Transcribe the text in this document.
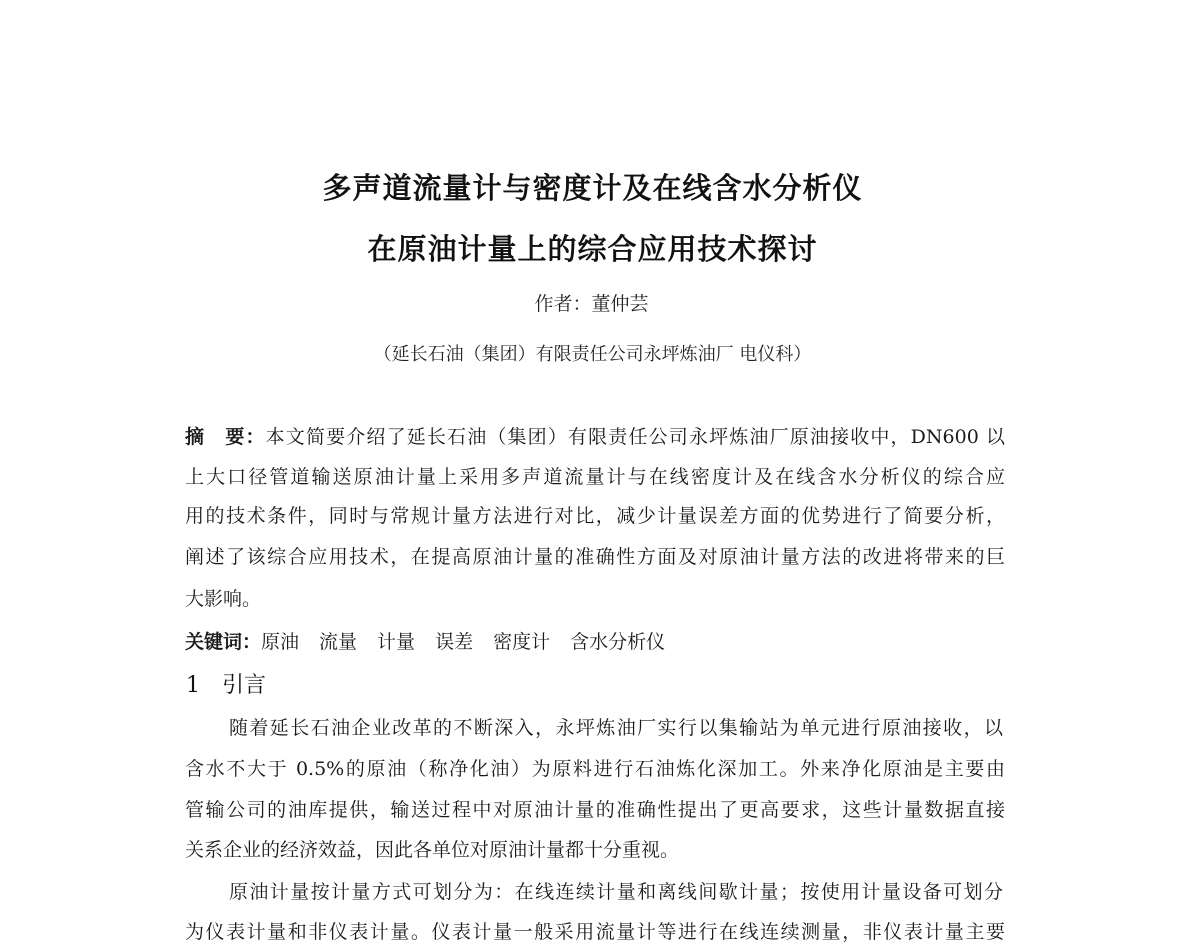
多声道流量计与密度计及在线含水分析仪
在原油计量上的综合应用技术探讨
作者：董仲芸
（延长石油（集团）有限责任公司永坪炼油厂 电仪科）
摘　要：本文简要介绍了延长石油（集团）有限责任公司永坪炼油厂原油接收中，DN600 以
上大口径管道输送原油计量上采用多声道流量计与在线密度计及在线含水分析仪的综合应
用的技术条件，同时与常规计量方法进行对比，减少计量误差方面的优势进行了简要分析，
阐述了该综合应用技术，在提高原油计量的准确性方面及对原油计量方法的改进将带来的巨
大影响。
关键词：原油 流量 计量 误差 密度计 含水分析仪
1 引言
随着延长石油企业改革的不断深入，永坪炼油厂实行以集输站为单元进行原油接收，以
含水不大于 0.5%的原油（称净化油）为原料进行石油炼化深加工。外来净化原油是主要由
管输公司的油库提供，输送过程中对原油计量的准确性提出了更高要求，这些计量数据直接
关系企业的经济效益，因此各单位对原油计量都十分重视。
原油计量按计量方式可划分为：在线连续计量和离线间歇计量；按使用计量设备可划分
为仪表计量和非仪表计量。仪表计量一般采用流量计等进行在线连续测量，非仪表计量主要
